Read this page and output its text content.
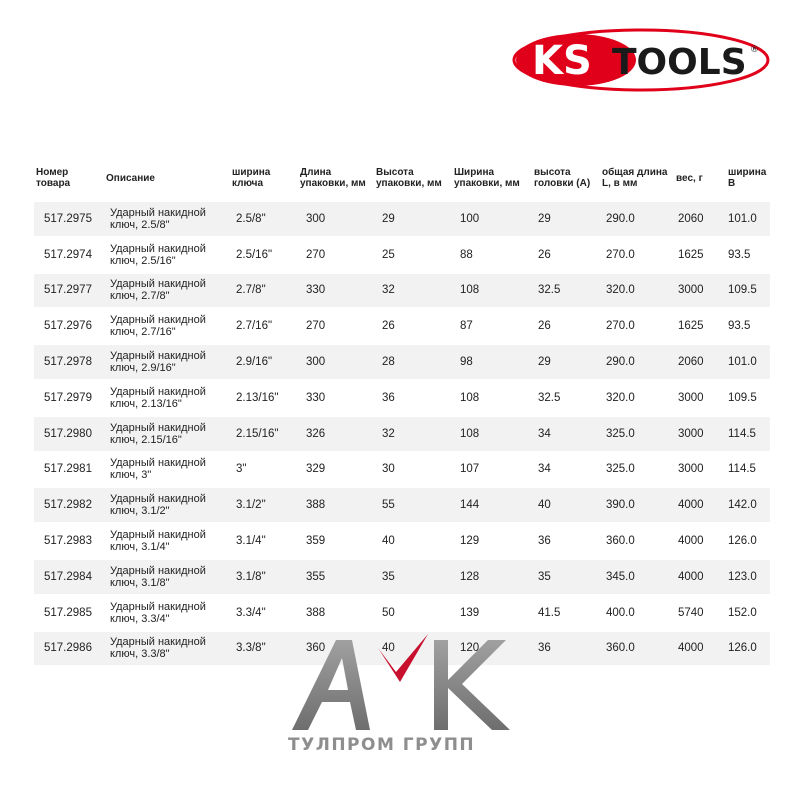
KS TOOLS ®
Номер товара	Описание	ширина ключа	Длина упаковки, мм	Высота упаковки, мм	Ширина упаковки, мм	высота головки (A)	общая длина L, в мм	вес, г	ширина B
517.2975	Ударный накидной ключ, 2.5/8"	2.5/8"	300	29	100	29	290.0	2060	101.0
517.2974	Ударный накидной ключ, 2.5/16"	2.5/16"	270	25	88	26	270.0	1625	93.5
517.2977	Ударный накидной ключ, 2.7/8"	2.7/8"	330	32	108	32.5	320.0	3000	109.5
517.2976	Ударный накидной ключ, 2.7/16"	2.7/16"	270	26	87	26	270.0	1625	93.5
517.2978	Ударный накидной ключ, 2.9/16"	2.9/16"	300	28	98	29	290.0	2060	101.0
517.2979	Ударный накидной ключ, 2.13/16"	2.13/16"	330	36	108	32.5	320.0	3000	109.5
517.2980	Ударный накидной ключ, 2.15/16"	2.15/16"	326	32	108	34	325.0	3000	114.5
517.2981	Ударный накидной ключ, 3"	3"	329	30	107	34	325.0	3000	114.5
517.2982	Ударный накидной ключ, 3.1/2"	3.1/2"	388	55	144	40	390.0	4000	142.0
517.2983	Ударный накидной ключ, 3.1/4"	3.1/4"	359	40	129	36	360.0	4000	126.0
517.2984	Ударный накидной ключ, 3.1/8"	3.1/8"	355	35	128	35	345.0	4000	123.0
517.2985	Ударный накидной ключ, 3.3/4"	3.3/4"	388	50	139	41.5	400.0	5740	152.0
517.2986	Ударный накидной ключ, 3.3/8"	3.3/8"	360	40	120	36	360.0	4000	126.0
ТУЛПРОМ ГРУПП
